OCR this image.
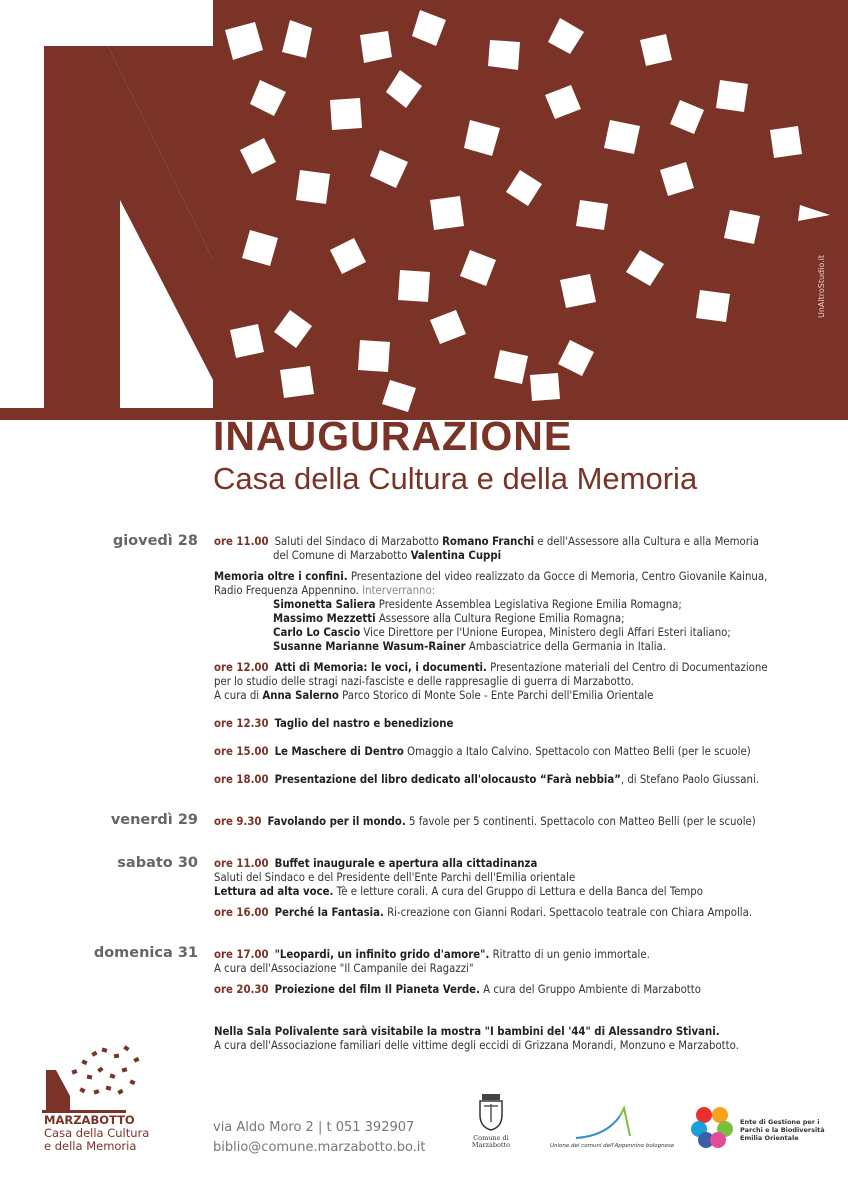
UnAltroStudio.it
INAUGURAZIONE
Casa della Cultura e della Memoria
giovedì 28 ore 11.00 Saluti del Sindaco di Marzabotto Romano Franchi e dell'Assessore alla Cultura e alla Memoria
del Comune di Marzabotto Valentina Cuppi
Memoria oltre i confini. Presentazione del video realizzato da Gocce di Memoria, Centro Giovanile Kainua,
Radio Frequenza Appennino. Interverranno:
Simonetta Saliera Presidente Assemblea Legislativa Regione Emilia Romagna;
Massimo Mezzetti Assessore alla Cultura Regione Emilia Romagna;
Carlo Lo Cascio Vice Direttore per l'Unione Europea, Ministero degli Affari Esteri italiano;
Susanne Marianne Wasum-Rainer Ambasciatrice della Germania in Italia.
ore 12.00 Atti di Memoria: le voci, i documenti. Presentazione materiali del Centro di Documentazione
per lo studio delle stragi nazi-fasciste e delle rappresaglie di guerra di Marzabotto.
A cura di Anna Salerno Parco Storico di Monte Sole - Ente Parchi dell'Emilia Orientale
ore 12.30 Taglio del nastro e benedizione
ore 15.00 Le Maschere di Dentro Omaggio a Italo Calvino. Spettacolo con Matteo Belli (per le scuole)
ore 18.00 Presentazione del libro dedicato all'olocausto “Farà nebbia”, di Stefano Paolo Giussani.
venerdì 29 ore 9.30 Favolando per il mondo. 5 favole per 5 continenti. Spettacolo con Matteo Belli (per le scuole)
sabato 30 ore 11.00 Buffet inaugurale e apertura alla cittadinanza
Saluti del Sindaco e del Presidente dell'Ente Parchi dell'Emilia orientale
Lettura ad alta voce. Tè e letture corali. A cura del Gruppo di Lettura e della Banca del Tempo
ore 16.00 Perché la Fantasia. Ri-creazione con Gianni Rodari. Spettacolo teatrale con Chiara Ampolla.
domenica 31 ore 17.00 "Leopardi, un infinito grido d'amore". Ritratto di un genio immortale.
A cura dell'Associazione "Il Campanile dei Ragazzi"
ore 20.30 Proiezione del film Il Pianeta Verde. A cura del Gruppo Ambiente di Marzabotto
Nella Sala Polivalente sarà visitabile la mostra "I bambini del '44" di Alessandro Stivani.
A cura dell'Associazione familiari delle vittime degli eccidi di Grizzana Morandi, Monzuno e Marzabotto.
MARZABOTTO
Casa della Cultura
e della Memoria
via Aldo Moro 2 | t 051 392907
biblio@comune.marzabotto.bo.it
Comune di
Marzabotto	Unione dei comuni dell'Appennino bolognese
Ente di Gestione per i
Parchi e la Biodiversità
Emilia Orientale
